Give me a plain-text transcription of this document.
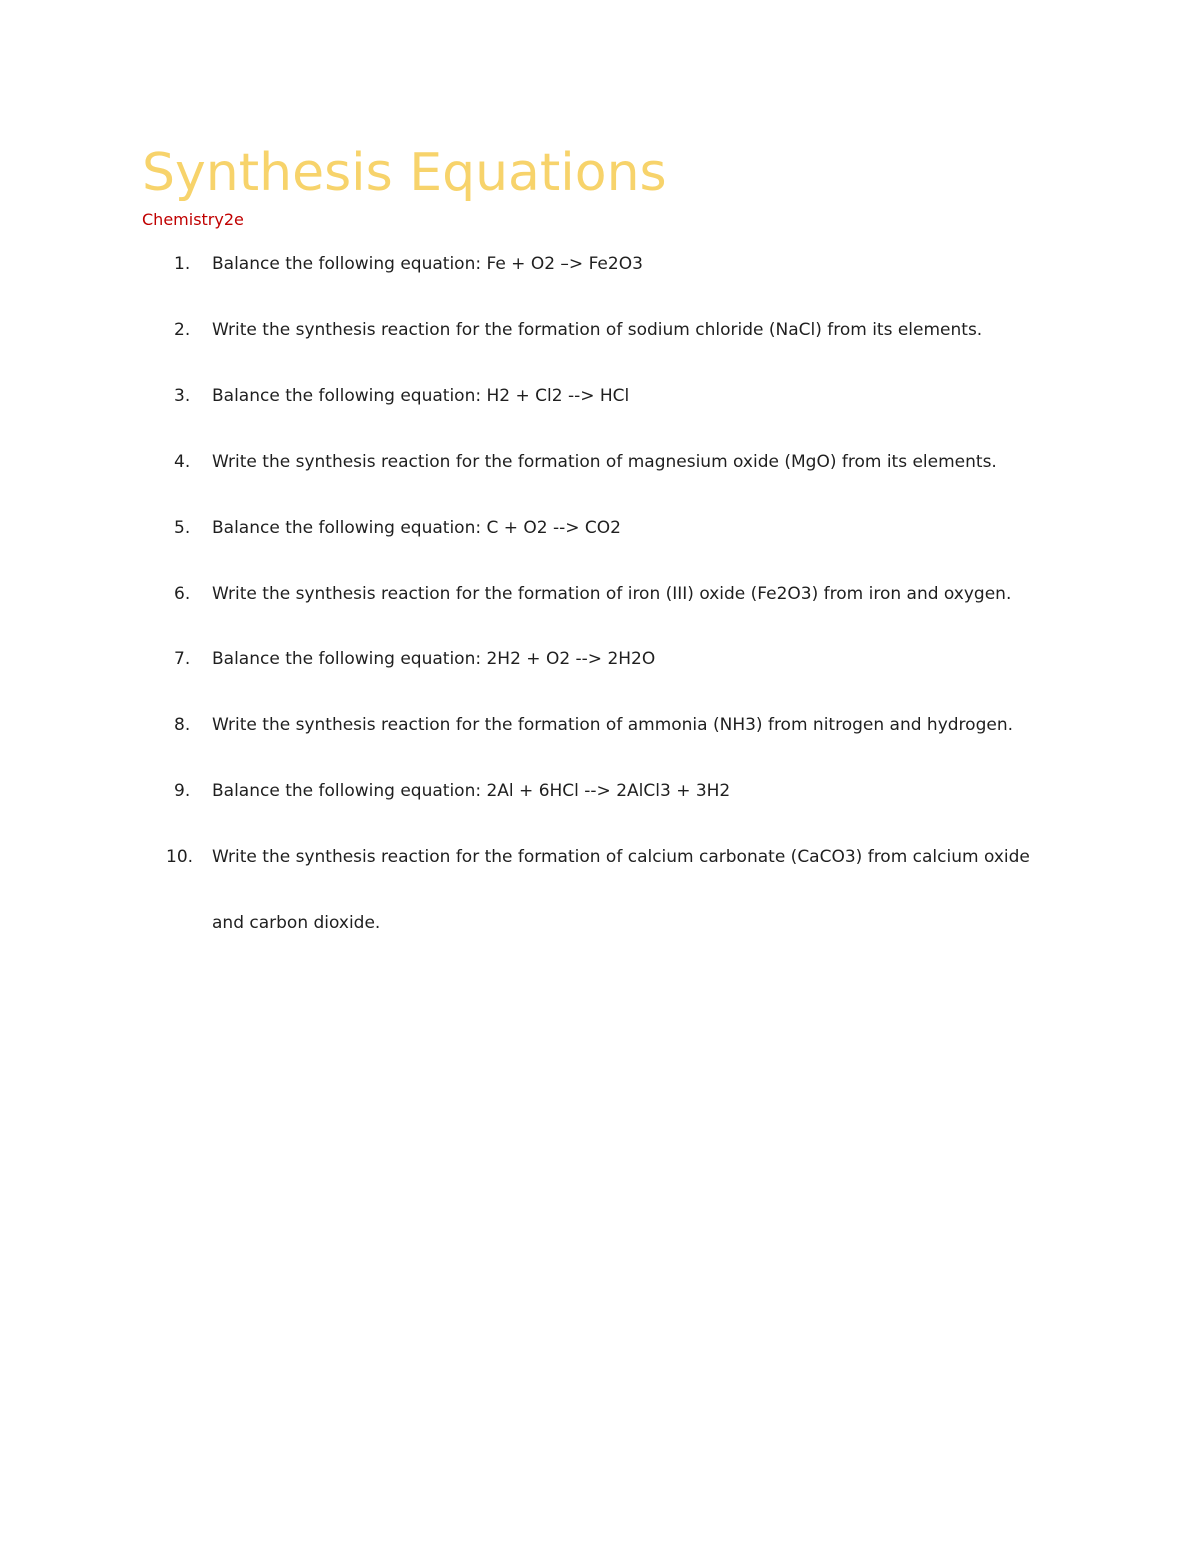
Synthesis Equations
Chemistry2e
1. Balance the following equation: Fe + O2 –> Fe2O3
2. Write the synthesis reaction for the formation of sodium chloride (NaCl) from its elements.
3. Balance the following equation: H2 + Cl2 --> HCl
4. Write the synthesis reaction for the formation of magnesium oxide (MgO) from its elements.
5. Balance the following equation: C + O2 --> CO2
6. Write the synthesis reaction for the formation of iron (III) oxide (Fe2O3) from iron and oxygen.
7. Balance the following equation: 2H2 + O2 --> 2H2O
8. Write the synthesis reaction for the formation of ammonia (NH3) from nitrogen and hydrogen.
9. Balance the following equation: 2Al + 6HCl --> 2AlCl3 + 3H2
10. Write the synthesis reaction for the formation of calcium carbonate (CaCO3) from calcium oxide and carbon dioxide.
